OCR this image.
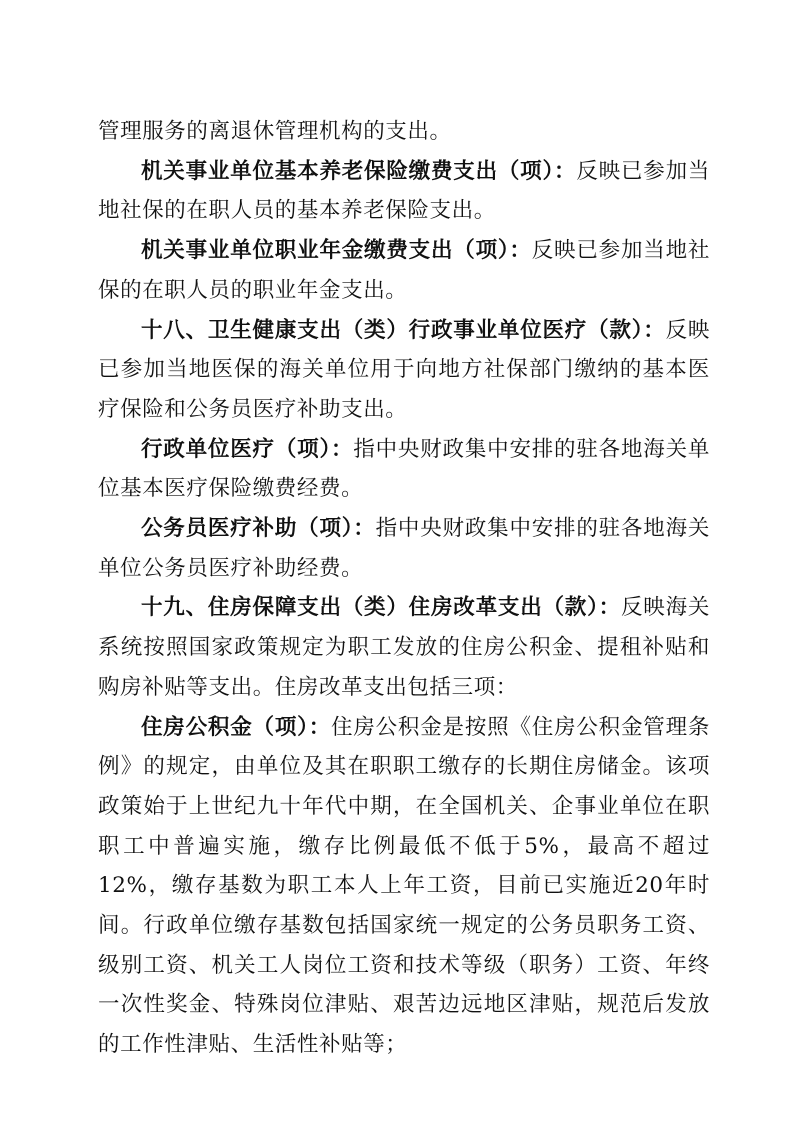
管理服务的离退休管理机构的支出。

机关事业单位基本养老保险缴费支出（项）：反映已参加当地社保的在职人员的基本养老保险支出。

机关事业单位职业年金缴费支出（项）：反映已参加当地社保的在职人员的职业年金支出。

十八、卫生健康支出（类）行政事业单位医疗（款）：反映已参加当地医保的海关单位用于向地方社保部门缴纳的基本医疗保险和公务员医疗补助支出。

行政单位医疗（项）：指中央财政集中安排的驻各地海关单位基本医疗保险缴费经费。

公务员医疗补助（项）：指中央财政集中安排的驻各地海关单位公务员医疗补助经费。

十九、住房保障支出（类）住房改革支出（款）：反映海关系统按照国家政策规定为职工发放的住房公积金、提租补贴和购房补贴等支出。住房改革支出包括三项：

住房公积金（项）：住房公积金是按照《住房公积金管理条例》的规定，由单位及其在职职工缴存的长期住房储金。该项政策始于上世纪九十年代中期，在全国机关、企事业单位在职职工中普遍实施，缴存比例最低不低于5%，最高不超过12%，缴存基数为职工本人上年工资，目前已实施近20年时间。行政单位缴存基数包括国家统一规定的公务员职务工资、级别工资、机关工人岗位工资和技术等级（职务）工资、年终一次性奖金、特殊岗位津贴、艰苦边远地区津贴，规范后发放的工作性津贴、生活性补贴等；
